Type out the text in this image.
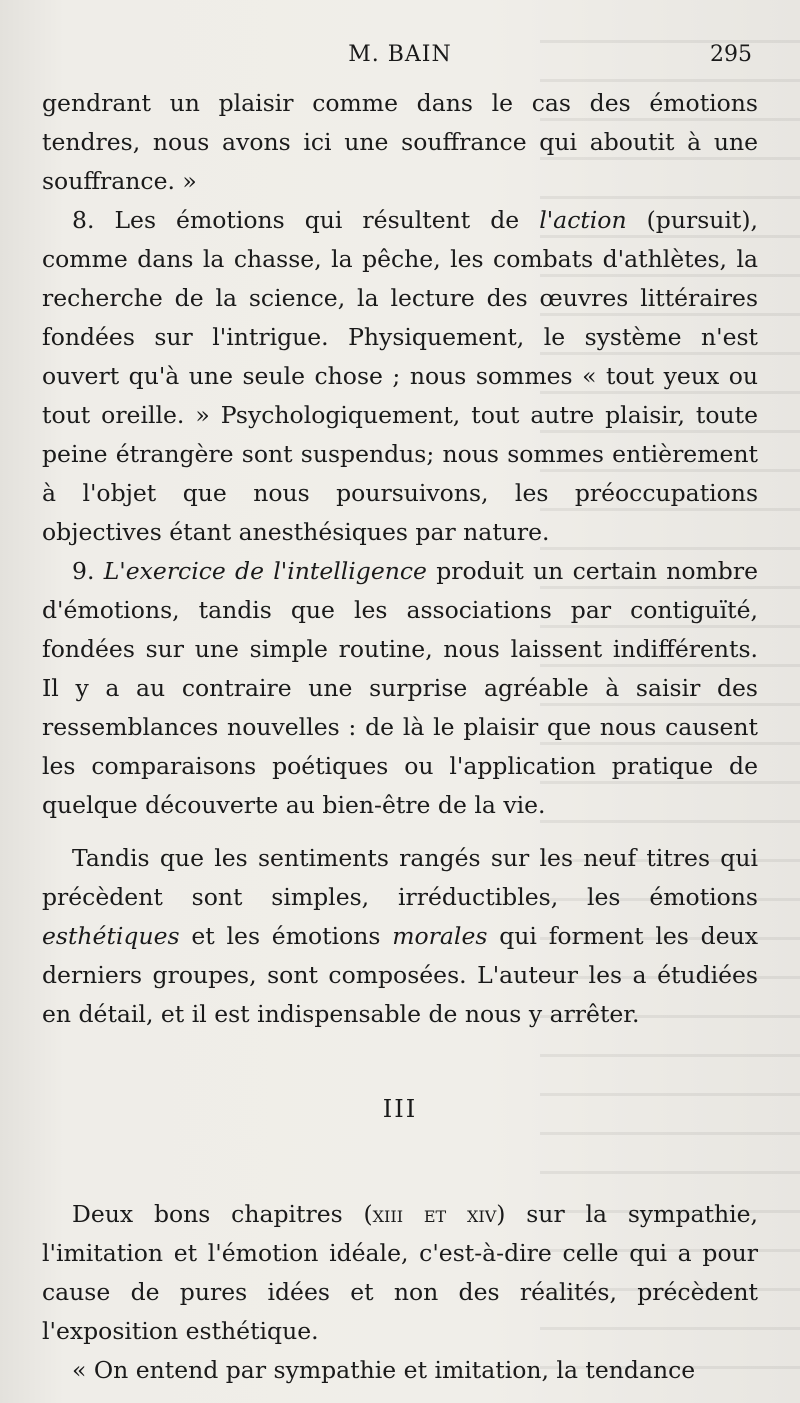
M. BAIN	295

gendrant un plaisir comme dans le cas des émotions tendres, nous avons ici une souffrance qui aboutit à une souffrance. »

8. Les émotions qui résultent de l'action (pursuit), comme dans la chasse, la pêche, les combats d'athlètes, la recherche de la science, la lecture des œuvres littéraires fondées sur l'intrigue. Physiquement, le système n'est ouvert qu'à une seule chose ; nous sommes « tout yeux ou tout oreille. » Psychologiquement, tout autre plaisir, toute peine étrangère sont suspendus; nous sommes entièrement à l'objet que nous poursuivons, les préoccupations objectives étant anesthésiques par nature.

9. L'exercice de l'intelligence produit un certain nombre d'émotions, tandis que les associations par contiguïté, fondées sur une simple routine, nous laissent indifférents. Il y a au contraire une surprise agréable à saisir des ressemblances nouvelles : de là le plaisir que nous causent les comparaisons poétiques ou l'application pratique de quelque découverte au bien-être de la vie.

Tandis que les sentiments rangés sur les neuf titres qui précèdent sont simples, irréductibles, les émotions esthétiques et les émotions morales qui forment les deux derniers groupes, sont composées. L'auteur les a étudiées en détail, et il est indispensable de nous y arrêter.

III

Deux bons chapitres (xiii et xiv) sur la sympathie, l'imitation et l'émotion idéale, c'est-à-dire celle qui a pour cause de pures idées et non des réalités, précèdent l'exposition esthétique.

« On entend par sympathie et imitation, la tendance
